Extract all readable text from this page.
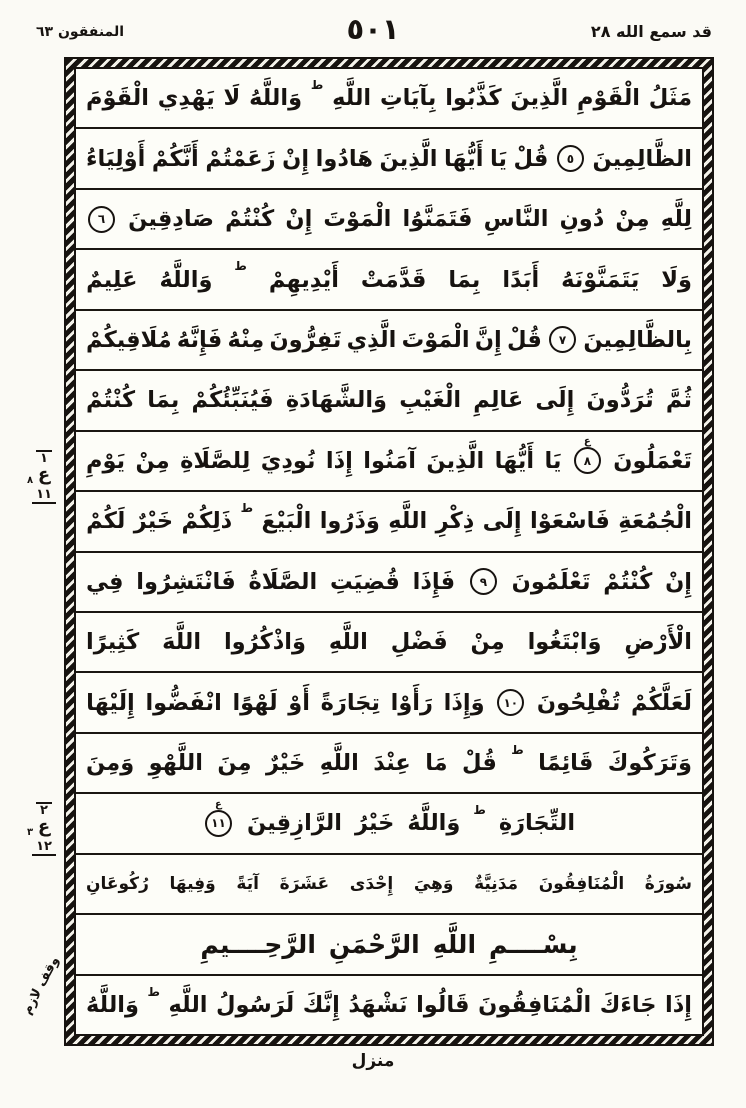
المنفقون ٦٣	٥٠١	قد سمع الله ٢٨
مَثَلُ
الْقَوْمِ
الَّذِينَ
كَذَّبُوا
بِآيَاتِ
اللَّهِ
ط
وَاللَّهُ
لَا
يَهْدِي
الْقَوْمَ
الظَّالِمِينَ
٥
قُلْ
يَا
أَيُّهَا
الَّذِينَ
هَادُوا
إِنْ
زَعَمْتُمْ
أَنَّكُمْ
أَوْلِيَاءُ
لِلَّهِ
مِنْ
دُونِ
النَّاسِ
فَتَمَنَّوُا
الْمَوْتَ
إِنْ
كُنْتُمْ
صَادِقِينَ
٦
وَلَا
يَتَمَنَّوْنَهُ
أَبَدًا
بِمَا
قَدَّمَتْ
أَيْدِيهِمْ
ط
وَاللَّهُ
عَلِيمٌ
بِالظَّالِمِينَ
٧
قُلْ
إِنَّ
الْمَوْتَ
الَّذِي
تَفِرُّونَ
مِنْهُ
فَإِنَّهُ
مُلَاقِيكُمْ
ثُمَّ
تُرَدُّونَ
إِلَى
عَالِمِ
الْغَيْبِ
وَالشَّهَادَةِ
فَيُنَبِّئُكُمْ
بِمَا
كُنْتُمْ
تَعْمَلُونَ
٨
ع
يَا
أَيُّهَا
الَّذِينَ
آمَنُوا
إِذَا
نُودِيَ
لِلصَّلَاةِ
مِنْ
يَوْمِ
الْجُمُعَةِ
فَاسْعَوْا
إِلَى
ذِكْرِ
اللَّهِ
وَذَرُوا
الْبَيْعَ
ط
ذَلِكُمْ
خَيْرٌ
لَكُمْ
إِنْ
كُنْتُمْ
تَعْلَمُونَ
٩
فَإِذَا
قُضِيَتِ
الصَّلَاةُ
فَانْتَشِرُوا
فِي
الْأَرْضِ
وَابْتَغُوا
مِنْ
فَضْلِ
اللَّهِ
وَاذْكُرُوا
اللَّهَ
كَثِيرًا
لَعَلَّكُمْ
تُفْلِحُونَ
١٠
وَإِذَا
رَأَوْا
تِجَارَةً
أَوْ
لَهْوًا
انْفَضُّوا
إِلَيْهَا
وَتَرَكُوكَ
قَائِمًا
ط
قُلْ
مَا
عِنْدَ
اللَّهِ
خَيْرٌ
مِنَ
اللَّهْوِ
وَمِنَ
التِّجَارَةِ
ط
وَاللَّهُ
خَيْرُ
الرَّازِقِينَ
١١
ع
سُورَةُ
الْمُنَافِقُونَ
مَدَنِيَّةٌ
وَهِيَ
إِحْدَى
عَشَرَةَ
آيَةً
وَفِيهَا
رُكُوعَانِ
بِسْــــمِ
اللَّهِ
الرَّحْمَنِ
الرَّحِــــيمِ
إِذَا
جَاءَكَ
الْمُنَافِقُونَ
قَالُوا
نَشْهَدُ
إِنَّكَ
لَرَسُولُ
اللَّهِ
ط
وَاللَّهُ
١
ع
٨
١١
٢
ع
٣
١٢
وقف لازم
منزل
